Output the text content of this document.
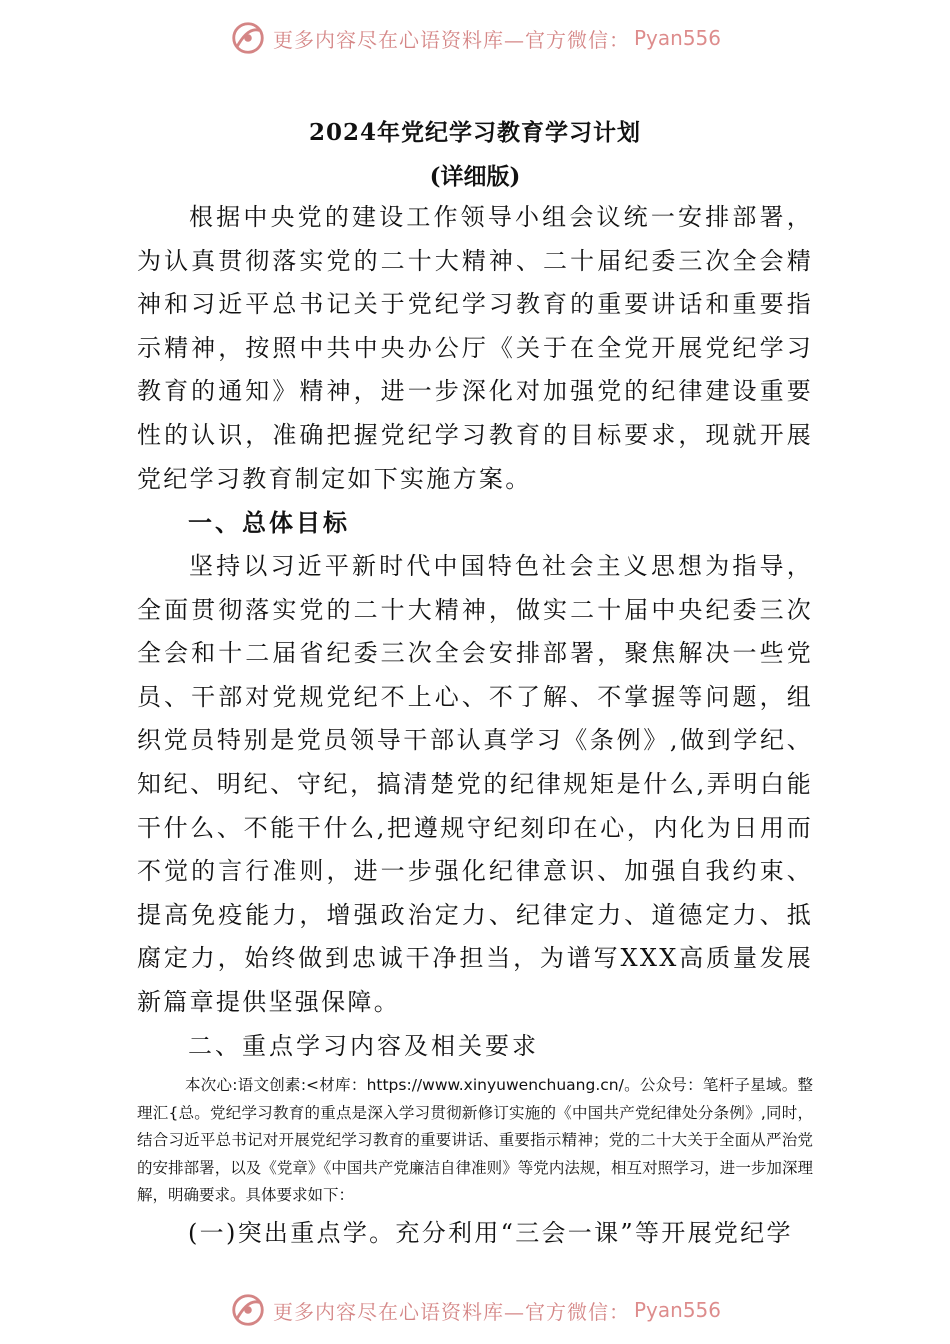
更多内容尽在心语资料库—官方微信： Pyan556
2024年党纪学习教育学习计划
(详细版)

根据中央党的建设工作领导小组会议统一安排部署，为认真贯彻落实党的二十大精神、二十届纪委三次全会精神和习近平总书记关于党纪学习教育的重要讲话和重要指示精神，按照中共中央办公厅《关于在全党开展党纪学习教育的通知》精神，进一步深化对加强党的纪律建设重要性的认识，准确把握党纪学习教育的目标要求，现就开展党纪学习教育制定如下实施方案。

一、总体目标

坚持以习近平新时代中国特色社会主义思想为指导，全面贯彻落实党的二十大精神，做实二十届中央纪委三次全会和十二届省纪委三次全会安排部署，聚焦解决一些党员、干部对党规党纪不上心、不了解、不掌握等问题，组织党员特别是党员领导干部认真学习《条例》,做到学纪、知纪、明纪、守纪，搞清楚党的纪律规矩是什么,弄明白能干什么、不能干什么,把遵规守纪刻印在心，内化为日用而不觉的言行准则，进一步强化纪律意识、加强自我约束、提高免疫能力，增强政治定力、纪律定力、道德定力、抵腐定力，始终做到忠诚干净担当，为谱写XXX高质量发展新篇章提供坚强保障。

二、重点学习内容及相关要求

本次心:语文创素:<材库：https://www.xinyuwenchuang.cn/。公众号：笔杆子星域。整理汇{总。党纪学习教育的重点是深入学习贯彻新修订实施的《中国共产党纪律处分条例》,同时，结合习近平总书记对开展党纪学习教育的重要讲话、重要指示精神；党的二十大关于全面从严治党的安排部署，以及《党章》《中国共产党廉洁自律准则》等党内法规，相互对照学习，进一步加深理解，明确要求。具体要求如下：

(一)突出重点学。充分利用“三会一课”等开展党纪学

更多内容尽在心语资料库—官方微信： Pyan556
